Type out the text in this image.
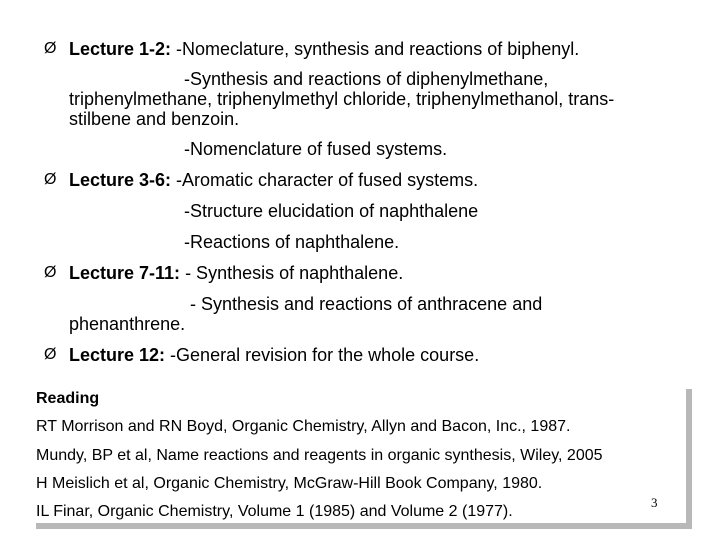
Ø Lecture 1-2: -Nomeclature, synthesis and reactions of biphenyl.
-Synthesis and reactions of diphenylmethane,
triphenylmethane, triphenylmethyl chloride, triphenylmethanol, trans-
stilbene and benzoin.
-Nomenclature of fused systems.
Ø Lecture 3-6: -Aromatic character of fused systems.
-Structure elucidation of naphthalene
-Reactions of naphthalene.
Ø Lecture 7-11: - Synthesis of naphthalene.
- Synthesis and reactions of anthracene and
phenanthrene.
Ø Lecture 12: -General revision for the whole course.
Reading
RT Morrison and RN Boyd, Organic Chemistry, Allyn and Bacon, Inc., 1987.
Mundy, BP et al, Name reactions and reagents in organic synthesis, Wiley, 2005
H Meislich et al, Organic Chemistry, McGraw-Hill Book Company, 1980.
IL Finar, Organic Chemistry, Volume 1 (1985) and Volume 2 (1977).
3
